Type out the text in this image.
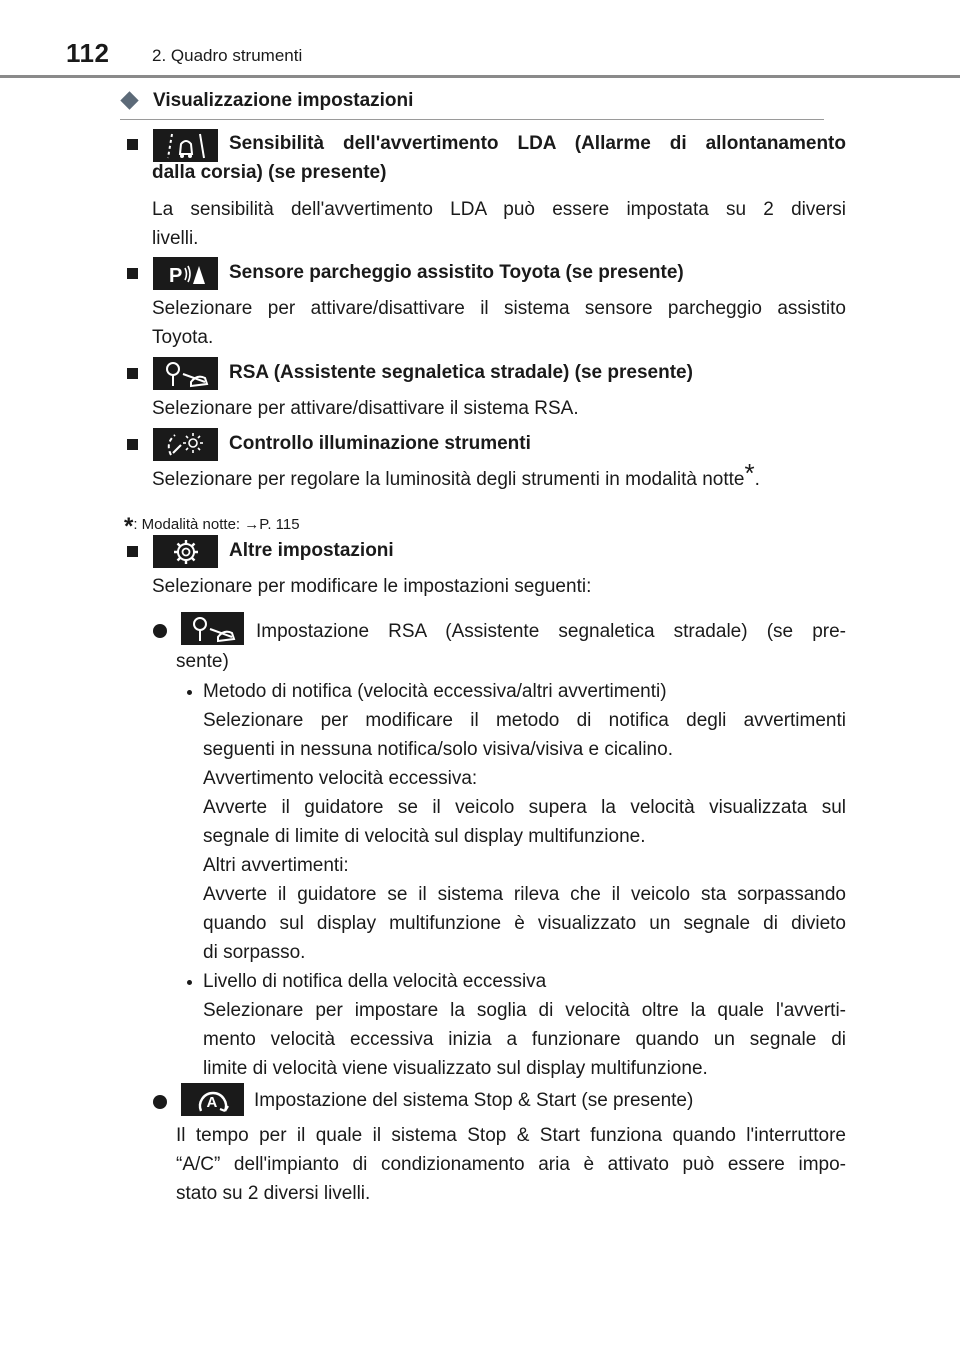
112	2. Quadro strumenti
Visualizzazione impostazioni
Sensibilità dell'avvertimento LDA (Allarme di allontanamento
dalla corsia) (se presente)
La sensibilità dell'avvertimento LDA può essere impostata su 2 diversi
livelli.
P Sensore parcheggio assistito Toyota (se presente)
Selezionare per attivare/disattivare il sistema sensore parcheggio assistito
Toyota.
RSA (Assistente segnaletica stradale) (se presente)
Selezionare per attivare/disattivare il sistema RSA.
Controllo illuminazione strumenti
Selezionare per regolare la luminosità degli strumenti in modalità notte*.
*: Modalità notte: →P. 115
Altre impostazioni
Selezionare per modificare le impostazioni seguenti:
Impostazione RSA (Assistente segnaletica stradale) (se pre-
sente)
Metodo di notifica (velocità eccessiva/altri avvertimenti)
Selezionare per modificare il metodo di notifica degli avvertimenti
seguenti in nessuna notifica/solo visiva/visiva e cicalino.
Avvertimento velocità eccessiva:
Avverte il guidatore se il veicolo supera la velocità visualizzata sul
segnale di limite di velocità sul display multifunzione.
Altri avvertimenti:
Avverte il guidatore se il sistema rileva che il veicolo sta sorpassando
quando sul display multifunzione è visualizzato un segnale di divieto
di sorpasso.
Livello di notifica della velocità eccessiva
Selezionare per impostare la soglia di velocità oltre la quale l'avverti-
mento velocità eccessiva inizia a funzionare quando un segnale di
limite di velocità viene visualizzato sul display multifunzione.
A Impostazione del sistema Stop & Start (se presente)
Il tempo per il quale il sistema Stop & Start funziona quando l'interruttore
“A/C” dell'impianto di condizionamento aria è attivato può essere impo-
stato su 2 diversi livelli.
